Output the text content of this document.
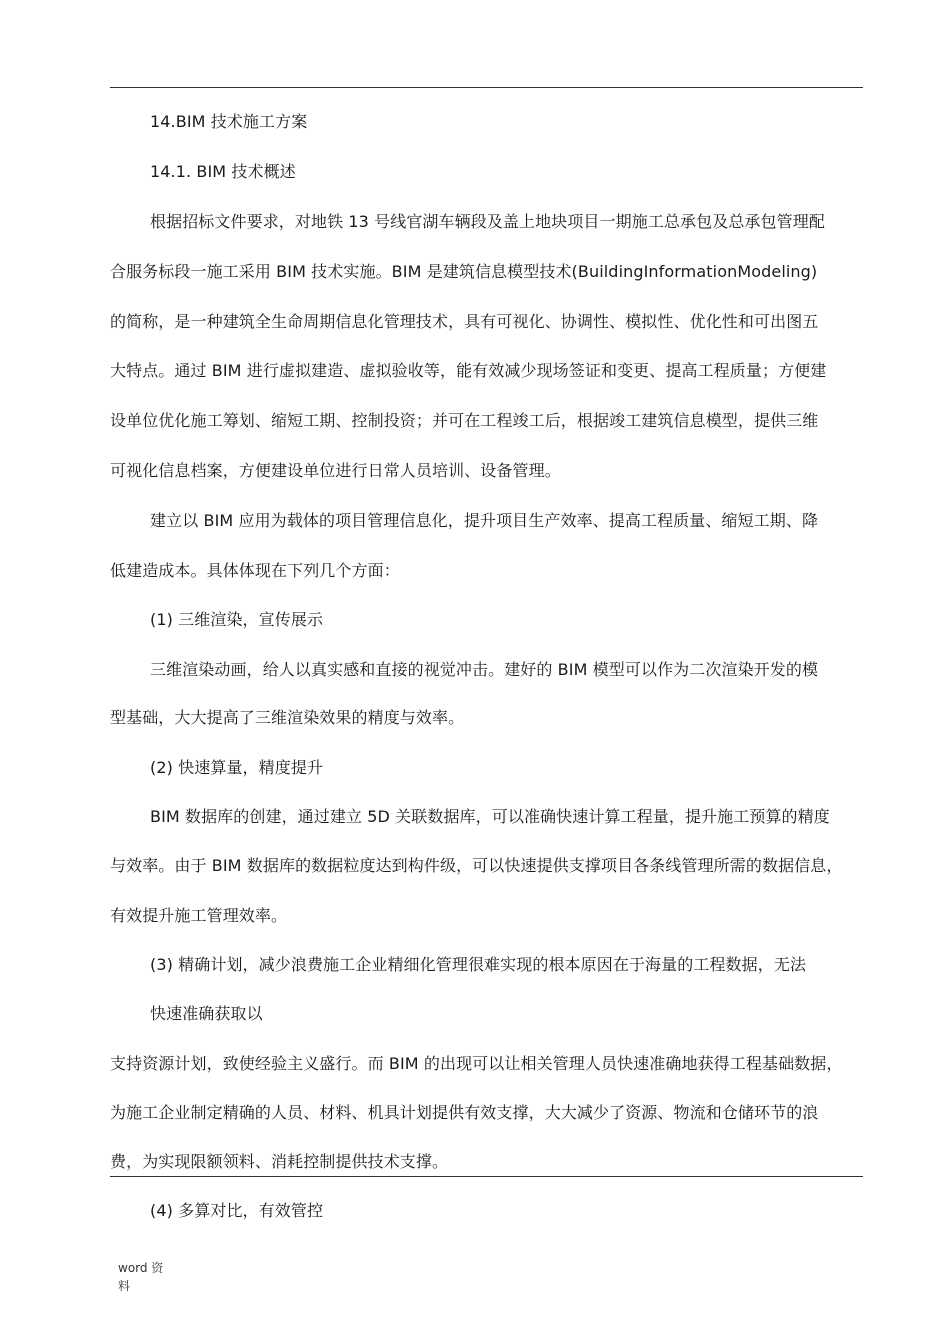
14.BIM 技术施工方案
14.1. BIM 技术概述
根据招标文件要求，对地铁 13 号线官湖车辆段及盖上地块项目一期施工总承包及总承包管理配
合服务标段一施工采用 BIM 技术实施。BIM 是建筑信息模型技术(BuildingInformationModeling)
的简称，是一种建筑全生命周期信息化管理技术，具有可视化、协调性、模拟性、优化性和可出图五
大特点。通过 BIM 进行虚拟建造、虚拟验收等，能有效减少现场签证和变更、提高工程质量；方便建
设单位优化施工筹划、缩短工期、控制投资；并可在工程竣工后，根据竣工建筑信息模型，提供三维
可视化信息档案，方便建设单位进行日常人员培训、设备管理。
建立以 BIM 应用为载体的项目管理信息化，提升项目生产效率、提高工程质量、缩短工期、降
低建造成本。具体体现在下列几个方面：
(1) 三维渲染，宣传展示
三维渲染动画，给人以真实感和直接的视觉冲击。建好的 BIM 模型可以作为二次渲染开发的模
型基础，大大提高了三维渲染效果的精度与效率。
(2) 快速算量，精度提升
BIM 数据库的创建，通过建立 5D 关联数据库，可以准确快速计算工程量，提升施工预算的精度
与效率。由于 BIM 数据库的数据粒度达到构件级，可以快速提供支撑项目各条线管理所需的数据信息，
有效提升施工管理效率。
(3) 精确计划，减少浪费施工企业精细化管理很难实现的根本原因在于海量的工程数据，无法
快速准确获取以
支持资源计划，致使经验主义盛行。而 BIM 的出现可以让相关管理人员快速准确地获得工程基础数据，
为施工企业制定精确的人员、材料、机具计划提供有效支撑，大大减少了资源、物流和仓储环节的浪
费，为实现限额领料、消耗控制提供技术支撑。
(4) 多算对比，有效管控
word 资
料
